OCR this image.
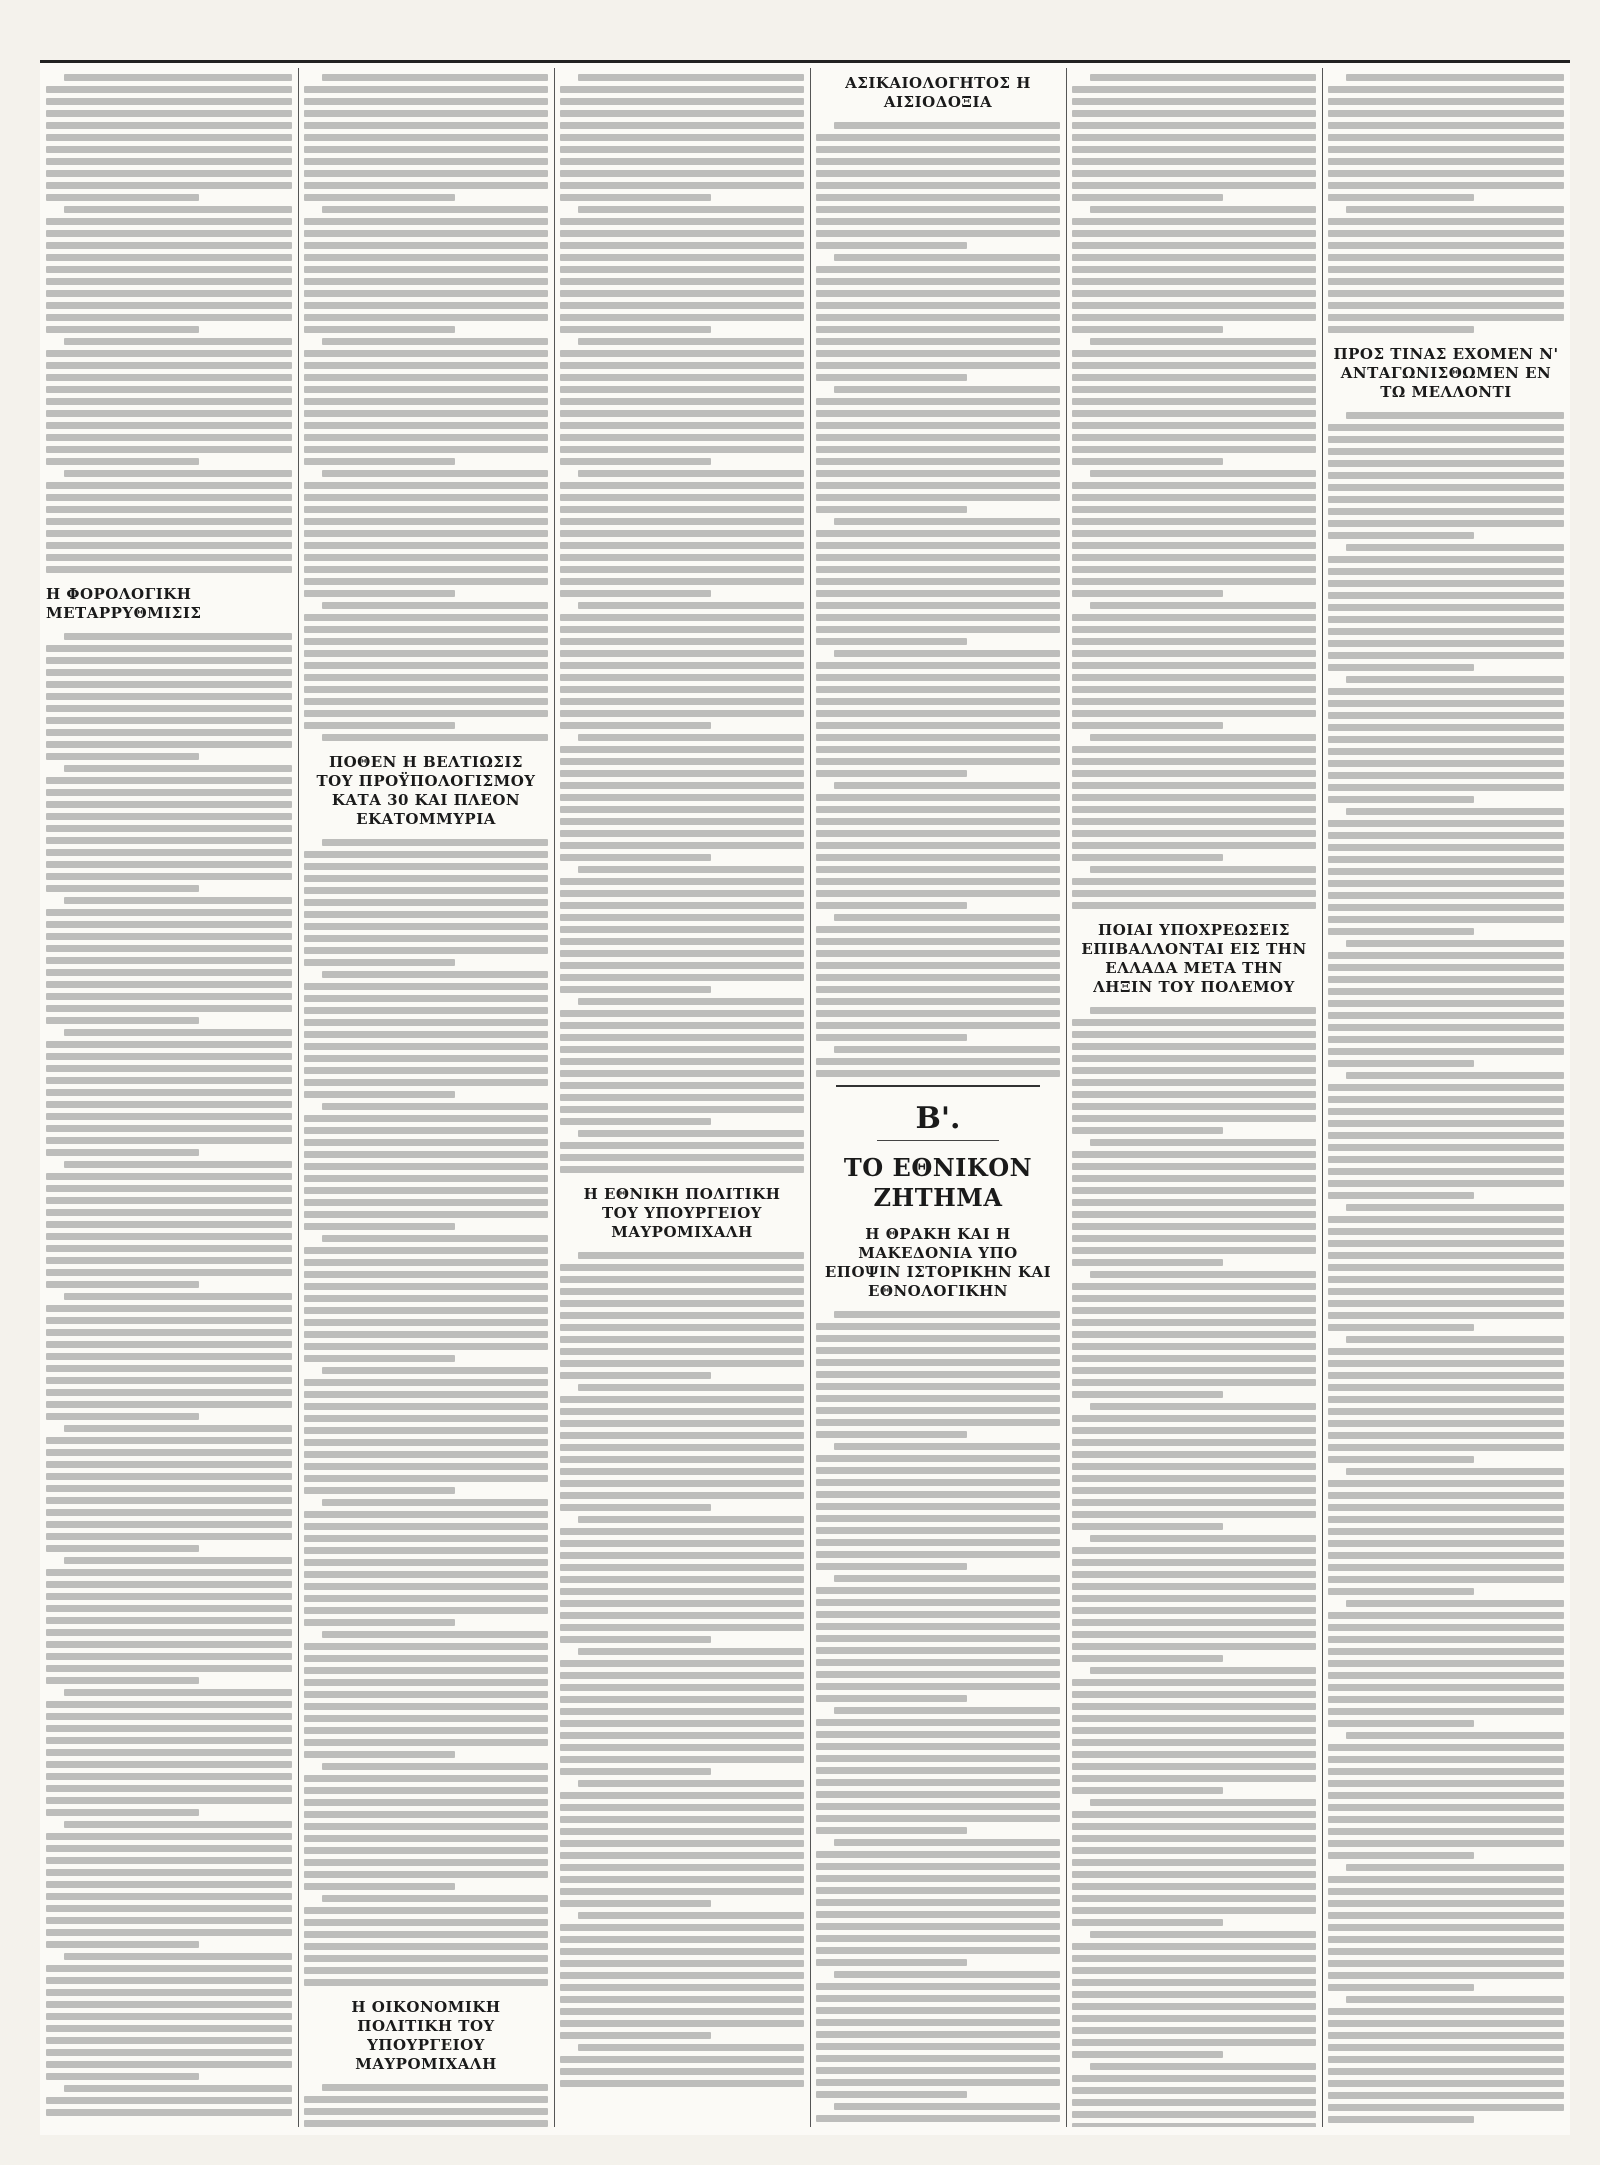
Η ΦΟΡΟΛΟΓΙΚΗ ΜΕΤΑΡΡΥΘΜΙΣΙΣ
ΠΟΘΕΝ Η ΒΕΛΤΙΩΣΙΣ ΤΟΥ ΠΡΟΫΠΟΛΟΓΙΣΜΟΥ ΚΑΤΑ 30 ΚΑΙ ΠΛΕΟΝ ΕΚΑΤΟΜΜΥΡΙΑ
Η ΟΙΚΟΝΟΜΙΚΗ ΠΟΛΙΤΙΚΗ ΤΟΥ ΥΠΟΥΡΓΕΙΟΥ ΜΑΥΡΟΜΙΧΑΛΗ
Η ΕΘΝΙΚΗ ΠΟΛΙΤΙΚΗ ΤΟΥ ΥΠΟΥΡΓΕΙΟΥ ΜΑΥΡΟΜΙΧΑΛΗ
ΑΣΙΚΑΙΟΛΟΓΗΤΟΣ Η ΑΙΣΙΟΔΟΞΙΑ
Β'.
ΤΟ ΕΘΝΙΚΟΝ ΖΗΤΗΜΑ
Η ΘΡΑΚΗ ΚΑΙ Η ΜΑΚΕΔΟΝΙΑ ΥΠΟ ΕΠΟΨΙΝ ΙΣΤΟΡΙΚΗΝ ΚΑΙ ΕΘΝΟΛΟΓΙΚΗΝ
ΠΟΙΑΙ ΥΠΟΧΡΕΩΣΕΙΣ ΕΠΙΒΑΛΛΟΝΤΑΙ ΕΙΣ ΤΗΝ ΕΛΛΑΔΑ ΜΕΤΑ ΤΗΝ ΛΗΞΙΝ ΤΟΥ ΠΟΛΕΜΟΥ
ΠΡΟΣ ΤΙΝΑΣ ΕΧΟΜΕΝ Ν' ΑΝΤΑΓΩΝΙΣΘΩΜΕΝ ΕΝ ΤΩ ΜΕΛΛΟΝΤΙ
